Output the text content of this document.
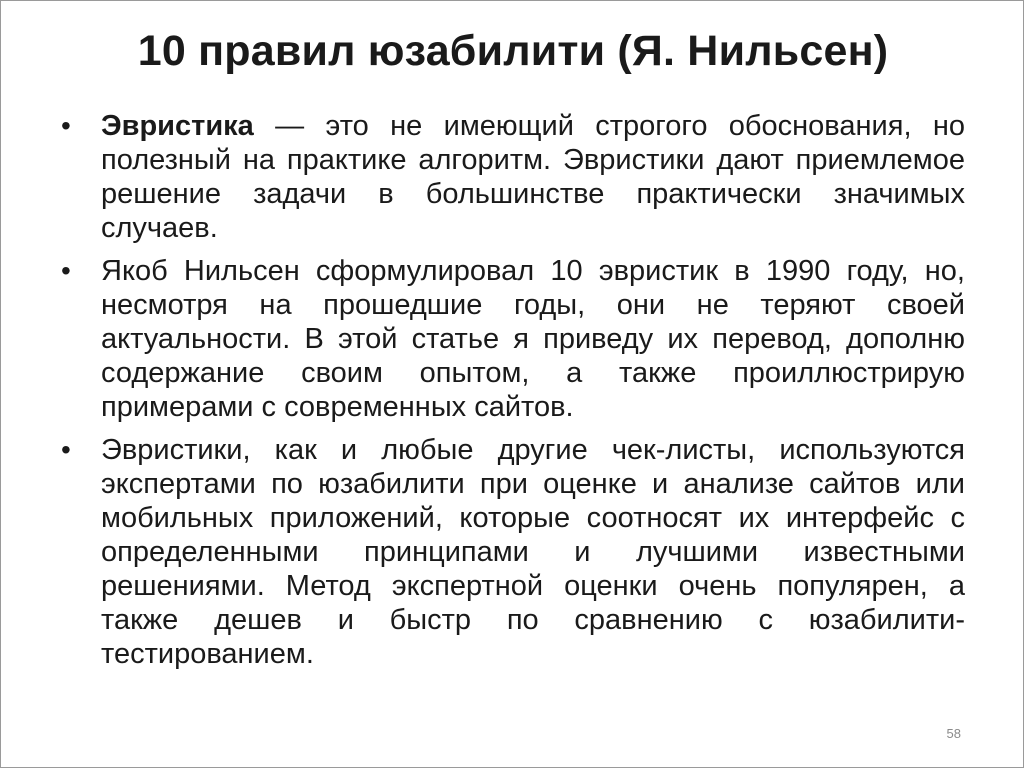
10 правил юзабилити (Я. Нильсен)
•	Эвристика — это не имеющий строгого обоснования, но полезный на практике алгоритм. Эвристики дают приемлемое решение задачи в большинстве практически значимых случаев.
•	Якоб Нильсен сформулировал 10 эвристик в 1990 году, но, несмотря на прошедшие годы, они не теряют своей актуальности. В этой статье я приведу их перевод, дополню содержание своим опытом, а также проиллюстрирую примерами с современных сайтов.
•	Эвристики, как и любые другие чек-листы, используются экспертами по юзабилити при оценке и анализе сайтов или мобильных приложений, которые соотносят их интерфейс с определенными принципами и лучшими известными решениями. Метод экспертной оценки очень популярен, а также дешев и быстр по сравнению с юзабилити-тестированием.
58
